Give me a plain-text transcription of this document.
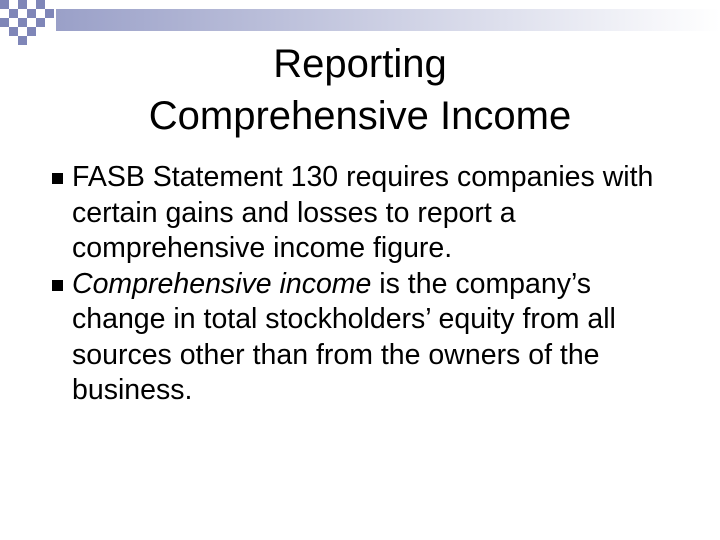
Reporting
Comprehensive Income
FASB Statement 130 requires companies with certain gains and losses to report a comprehensive income figure.
Comprehensive income is the company’s change in total stockholders’ equity from all sources other than from the owners of the business.
